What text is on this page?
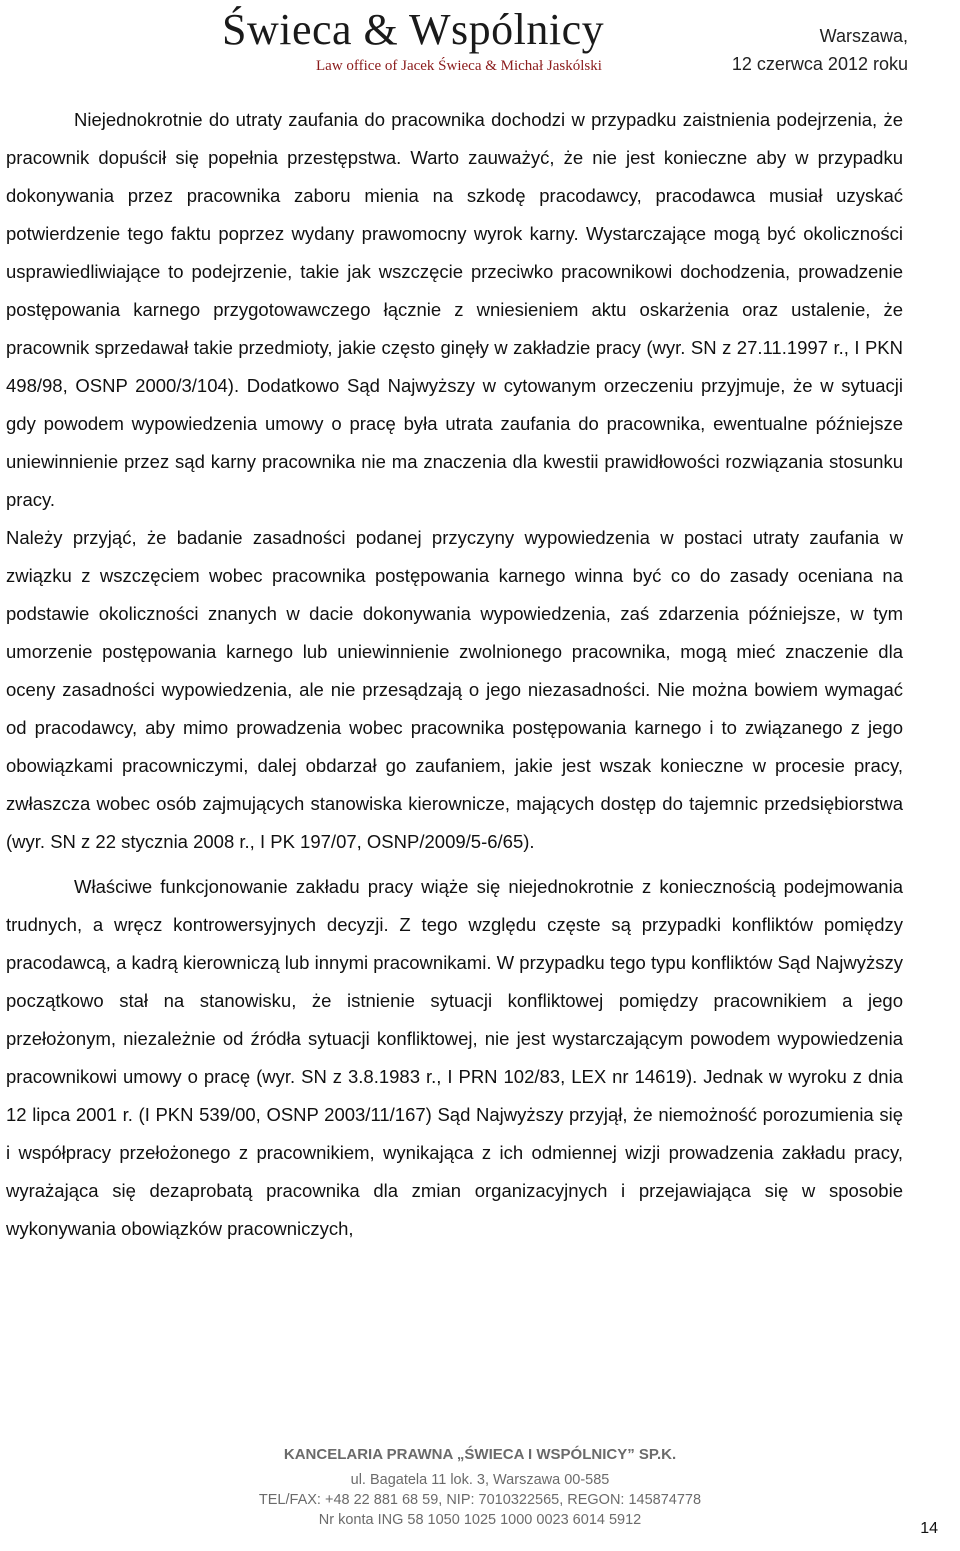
Świeca & Wspólnicy
Law office of Jacek Świeca & Michał Jaskólski
Warszawa,
12 czerwca 2012 roku

Niejednokrotnie do utraty zaufania do pracownika dochodzi w przypadku zaistnienia podejrzenia, że pracownik dopuścił się popełnia przestępstwa. Warto zauważyć, że nie jest konieczne aby w przypadku dokonywania przez pracownika zaboru mienia na szkodę pracodawcy, pracodawca musiał uzyskać potwierdzenie tego faktu poprzez wydany prawomocny wyrok karny. Wystarczające mogą być okoliczności usprawiedliwiające to podejrzenie, takie jak wszczęcie przeciwko pracownikowi dochodzenia, prowadzenie postępowania karnego przygotowawczego łącznie z wniesieniem aktu oskarżenia oraz ustalenie, że pracownik sprzedawał takie przedmioty, jakie często ginęły w zakładzie pracy (wyr. SN z 27.11.1997 r., I PKN 498/98, OSNP 2000/3/104). Dodatkowo Sąd Najwyższy w cytowanym orzeczeniu przyjmuje, że w sytuacji gdy powodem wypowiedzenia umowy o pracę była utrata zaufania do pracownika, ewentualne późniejsze uniewinnienie przez sąd karny pracownika nie ma znaczenia dla kwestii prawidłowości rozwiązania stosunku pracy.

Należy przyjąć, że badanie zasadności podanej przyczyny wypowiedzenia w postaci utraty zaufania w związku z wszczęciem wobec pracownika postępowania karnego winna być co do zasady oceniana na podstawie okoliczności znanych w dacie dokonywania wypowiedzenia, zaś zdarzenia późniejsze, w tym umorzenie postępowania karnego lub uniewinnienie zwolnionego pracownika, mogą mieć znaczenie dla oceny zasadności wypowiedzenia, ale nie przesądzają o jego niezasadności. Nie można bowiem wymagać od pracodawcy, aby mimo prowadzenia wobec pracownika postępowania karnego i to związanego z jego obowiązkami pracowniczymi, dalej obdarzał go zaufaniem, jakie jest wszak konieczne w procesie pracy, zwłaszcza wobec osób zajmujących stanowiska kierownicze, mających dostęp do tajemnic przedsiębiorstwa (wyr. SN z 22 stycznia 2008 r., I PK 197/07, OSNP/2009/5-6/65).

Właściwe funkcjonowanie zakładu pracy wiąże się niejednokrotnie z koniecznością podejmowania trudnych, a wręcz kontrowersyjnych decyzji. Z tego względu częste są przypadki konfliktów pomiędzy pracodawcą, a kadrą kierowniczą lub innymi pracownikami. W przypadku tego typu konfliktów Sąd Najwyższy początkowo stał na stanowisku, że istnienie sytuacji konfliktowej pomiędzy pracownikiem a jego przełożonym, niezależnie od źródła sytuacji konfliktowej, nie jest wystarczającym powodem wypowiedzenia pracownikowi umowy o pracę (wyr. SN z 3.8.1983 r., I PRN 102/83, LEX nr 14619). Jednak w wyroku z dnia 12 lipca 2001 r. (I PKN 539/00, OSNP 2003/11/167) Sąd Najwyższy przyjął, że niemożność porozumienia się i współpracy przełożonego z pracownikiem, wynikająca z ich odmiennej wizji prowadzenia zakładu pracy, wyrażająca się dezaprobatą pracownika dla zmian organizacyjnych i przejawiająca się w sposobie wykonywania obowiązków pracowniczych,

KANCELARIA PRAWNA „ŚWIECA I WSPÓLNICY” SP.K.
ul. Bagatela 11 lok. 3, Warszawa 00-585
TEL/FAX: +48 22 881 68 59, NIP: 7010322565, REGON: 145874778
Nr konta ING 58 1050 1025 1000 0023 6014 5912	14
